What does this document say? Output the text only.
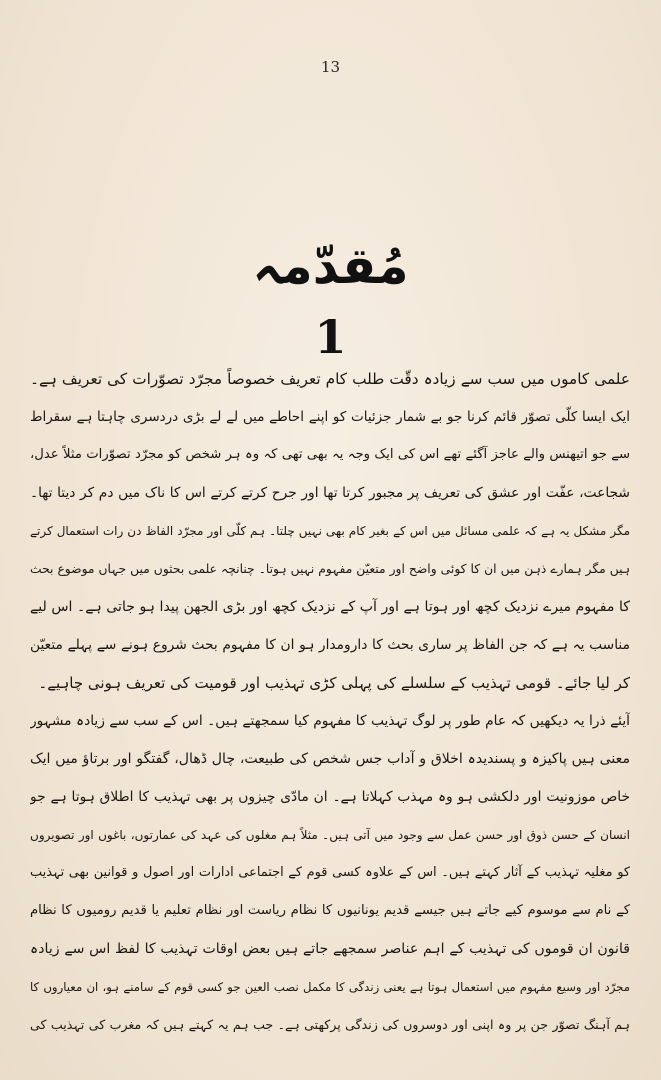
13
مُقدّمہ
1
علمی کاموں میں سب سے زیادہ دقّت طلب کام تعریف خصوصاً مجرّد تصوّرات کی تعریف ہے۔
ایک ایسا کلّی تصوّر قائم کرنا جو بے شمار جزئیات کو اپنے احاطے میں لے لے بڑی دردسری چاہتا ہے سقراط
سے جو اتیھنس والے عاجز آگئے تھے اس کی ایک وجہ یہ بھی تھی کہ وہ ہر شخص کو مجرّد تصوّرات مثلاً عدل،
شجاعت، عفّت اور عشق کی تعریف پر مجبور کرتا تھا اور جرح کرتے کرتے اس کا ناک میں دم کر دیتا تھا۔
مگر مشکل یہ ہے کہ علمی مسائل میں اس کے بغیر کام بھی نہیں چلتا۔ ہم کلّی اور مجرّد الفاظ دن رات استعمال کرتے
ہیں مگر ہمارے ذہن میں ان کا کوئی واضح اور متعیّن مفہوم نہیں ہوتا۔ چنانچہ علمی بحثوں میں جہاں موضوع بحث
کا مفہوم میرے نزدیک کچھ اور ہوتا ہے اور آپ کے نزدیک کچھ اور بڑی الجھن پیدا ہو جاتی ہے۔ اس لیے
مناسب یہ ہے کہ جن الفاظ پر ساری بحث کا دارومدار ہو ان کا مفہوم بحث شروع ہونے سے پہلے متعیّن
کر لیا جائے۔ قومی تہذیب کے سلسلے کی پہلی کڑی تہذیب اور قومیت کی تعریف ہونی چاہیے۔
آیئے ذرا یہ دیکھیں کہ عام طور پر لوگ تہذیب کا مفہوم کیا سمجھتے ہیں۔ اس کے سب سے زیادہ مشہور
معنی ہیں پاکیزہ و پسندیدہ اخلاق و آداب جس شخص کی طبیعت، چال ڈھال، گفتگو اور برتاؤ میں ایک
خاص موزونیت اور دلکشی ہو وہ مہذب کہلاتا ہے۔ ان مادّی چیزوں پر بھی تہذیب کا اطلاق ہوتا ہے جو
انسان کے حسن ذوق اور حسن عمل سے وجود میں آتی ہیں۔ مثلاً ہم مغلوں کی عہد کی عمارتوں، باغوں اور تصویروں
کو مغلیہ تہذیب کے آثار کہتے ہیں۔ اس کے علاوہ کسی قوم کے اجتماعی ادارات اور اصول و قوانین بھی تہذیب
کے نام سے موسوم کیے جاتے ہیں جیسے قدیم یونانیوں کا نظام ریاست اور نظام تعلیم یا قدیم رومیوں کا نظام
قانون ان قوموں کی تہذیب کے اہم عناصر سمجھے جاتے ہیں بعض اوقات تہذیب کا لفظ اس سے زیادہ
مجرّد اور وسیع مفہوم میں استعمال ہوتا ہے یعنی زندگی کا مکمل نصب العین جو کسی قوم کے سامنے ہو، ان معیاروں کا
ہم آہنگ تصوّر جن پر وہ اپنی اور دوسروں کی زندگی پرکھتی ہے۔ جب ہم یہ کہتے ہیں کہ مغرب کی تہذیب کی
